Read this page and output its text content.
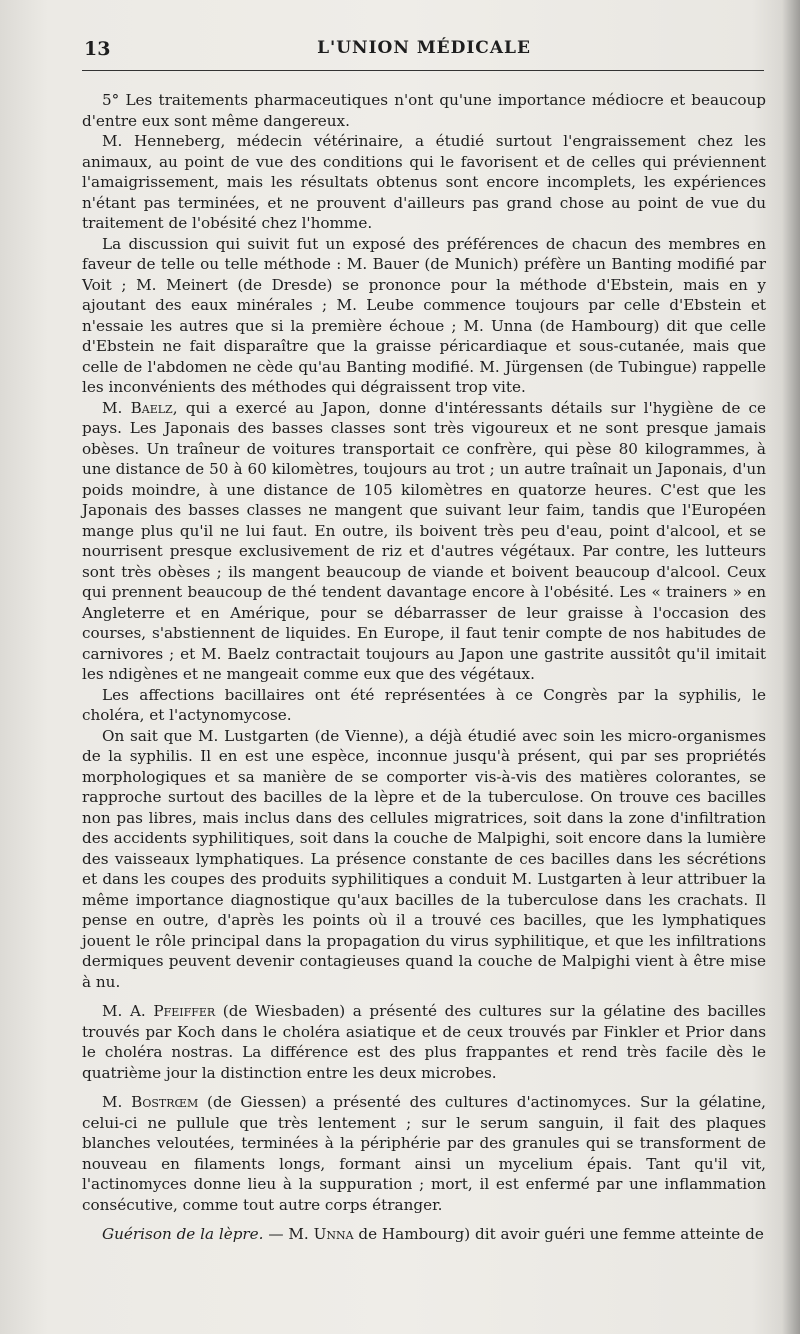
13	L'UNION MÉDICALE

5° Les traitements pharmaceutiques n'ont qu'une importance médiocre et beaucoup d'entre eux sont même dangereux.

M. Henneberg, médecin vétérinaire, a étudié surtout l'engraissement chez les animaux, au point de vue des conditions qui le favorisent et de celles qui préviennent l'amaigrissement, mais les résultats obtenus sont encore incomplets, les expériences n'étant pas terminées, et ne prouvent d'ailleurs pas grand chose au point de vue du traitement de l'obésité chez l'homme.

La discussion qui suivit fut un exposé des préférences de chacun des membres en faveur de telle ou telle méthode : M. Bauer (de Munich) préfère un Banting modifié par Voit ; M. Meinert (de Dresde) se prononce pour la méthode d'Ebstein, mais en y ajoutant des eaux minérales ; M. Leube commence toujours par celle d'Ebstein et n'essaie les autres que si la première échoue ; M. Unna (de Hambourg) dit que celle d'Ebstein ne fait disparaître que la graisse péricardiaque et sous-cutanée, mais que celle de l'abdomen ne cède qu'au Banting modifié. M. Jürgensen (de Tubingue) rappelle les inconvénients des méthodes qui dégraissent trop vite.

M. Baelz, qui a exercé au Japon, donne d'intéressants détails sur l'hygiène de ce pays. Les Japonais des basses classes sont très vigoureux et ne sont presque jamais obèses. Un traîneur de voitures transportait ce confrère, qui pèse 80 kilogrammes, à une distance de 50 à 60 kilomètres, toujours au trot ; un autre traînait un Japonais, d'un poids moindre, à une distance de 105 kilomètres en quatorze heures. C'est que les Japonais des basses classes ne mangent que suivant leur faim, tandis que l'Européen mange plus qu'il ne lui faut. En outre, ils boivent très peu d'eau, point d'alcool, et se nourrisent presque exclusivement de riz et d'autres végétaux. Par contre, les lutteurs sont très obèses ; ils mangent beaucoup de viande et boivent beaucoup d'alcool. Ceux qui prennent beaucoup de thé tendent davantage encore à l'obésité. Les « trainers » en Angleterre et en Amérique, pour se débarrasser de leur graisse à l'occasion des courses, s'abstiennent de liquides. En Europe, il faut tenir compte de nos habitudes de carnivores ; et M. Baelz contractait toujours au Japon une gastrite aussitôt qu'il imitait les ndigènes et ne mangeait comme eux que des végétaux.

Les affections bacillaires ont été représentées à ce Congrès par la syphilis, le choléra, et l'actynomycose.

On sait que M. Lustgarten (de Vienne), a déjà étudié avec soin les micro-organismes de la syphilis. Il en est une espèce, inconnue jusqu'à présent, qui par ses propriétés morphologiques et sa manière de se comporter vis-à-vis des matières colorantes, se rapproche surtout des bacilles de la lèpre et de la tuberculose. On trouve ces bacilles non pas libres, mais inclus dans des cellules migratrices, soit dans la zone d'infiltration des accidents syphilitiques, soit dans la couche de Malpighi, soit encore dans la lumière des vaisseaux lymphatiques. La présence constante de ces bacilles dans les sécrétions et dans les coupes des produits syphilitiques a conduit M. Lustgarten à leur attribuer la même importance diagnostique qu'aux bacilles de la tuberculose dans les crachats. Il pense en outre, d'après les points où il a trouvé ces bacilles, que les lymphatiques jouent le rôle principal dans la propagation du virus syphilitique, et que les infiltrations dermiques peuvent devenir contagieuses quand la couche de Malpighi vient à être mise à nu.

M. A. Pfeiffer (de Wiesbaden) a présenté des cultures sur la gélatine des bacilles trouvés par Koch dans le choléra asiatique et de ceux trouvés par Finkler et Prior dans le choléra nostras. La différence est des plus frappantes et rend très facile dès le quatrième jour la distinction entre les deux microbes.

M. Bostrœm (de Giessen) a présenté des cultures d'actinomyces. Sur la gélatine, celui-ci ne pullule que très lentement ; sur le serum sanguin, il fait des plaques blanches veloutées, terminées à la périphérie par des granules qui se transforment de nouveau en filaments longs, formant ainsi un mycelium épais. Tant qu'il vit, l'actinomyces donne lieu à la suppuration ; mort, il est enfermé par une inflammation consécutive, comme tout autre corps étranger.

Guérison de la lèpre. — M. Unna de Hambourg) dit avoir guéri une femme atteinte de
